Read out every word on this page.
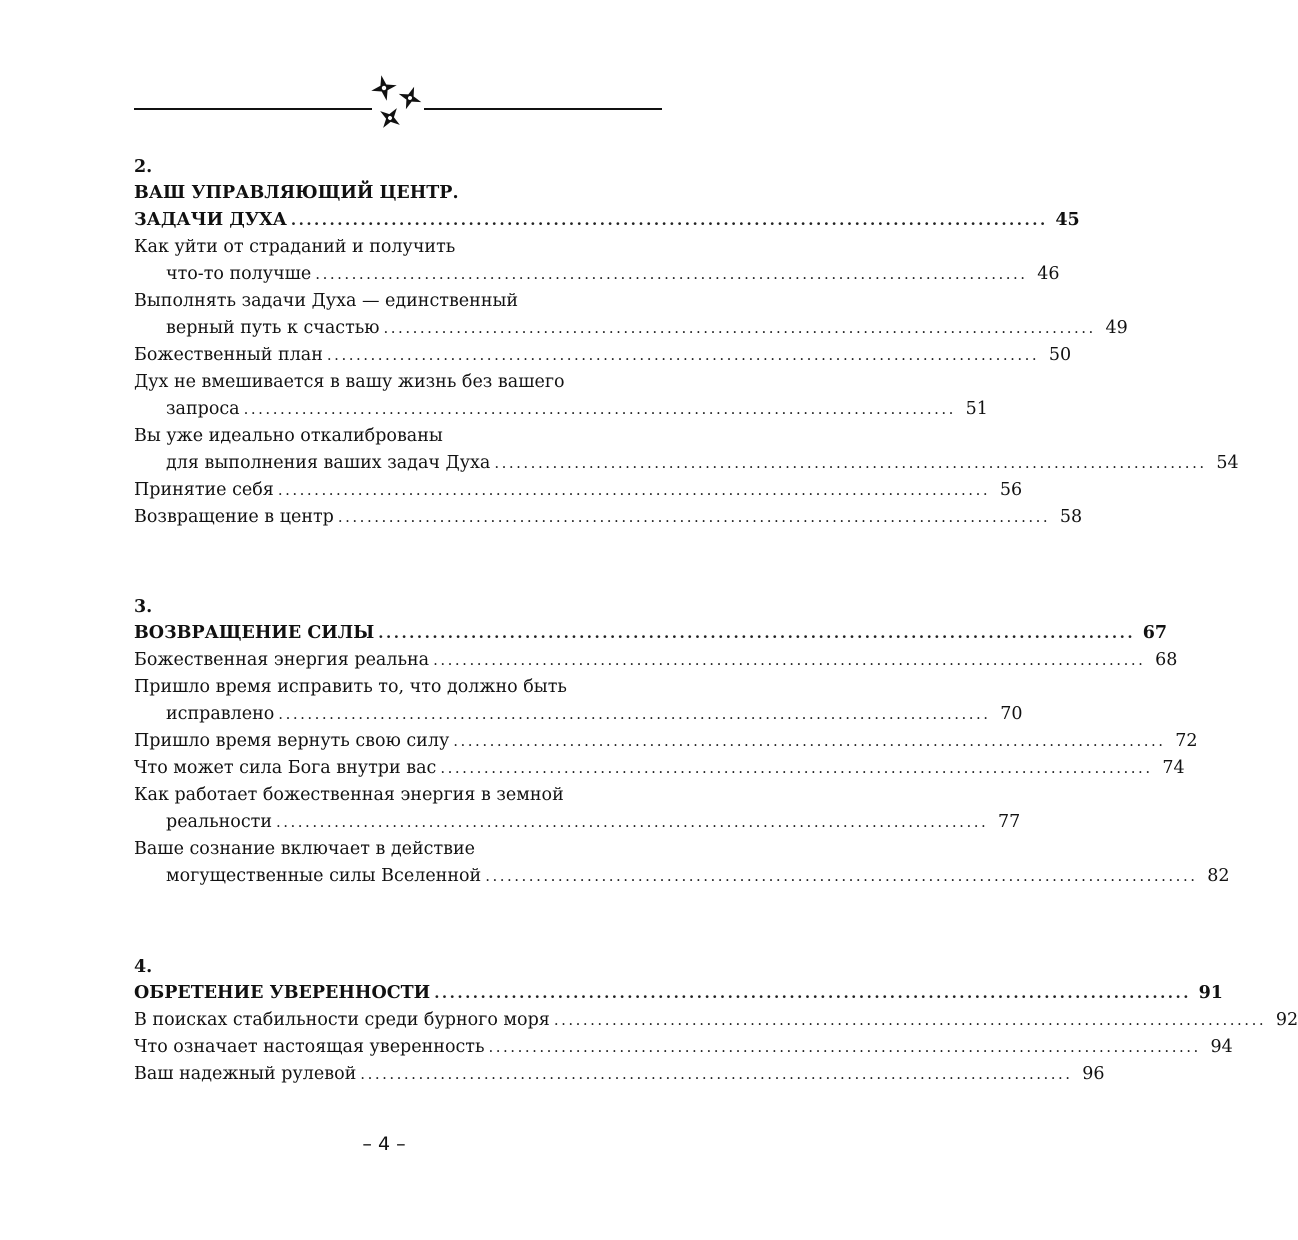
2.
ВАШ УПРАВЛЯЮЩИЙ ЦЕНТР.
ЗАДАЧИ ДУХА .................................................................................................. 45
Как уйти от страданий и получить
что-то получше .................................................................................................. 46
Выполнять задачи Духа — единственный
верный путь к счастью .................................................................................................. 49
Божественный план .................................................................................................. 50
Дух не вмешивается в вашу жизнь без вашего
запроса .................................................................................................. 51
Вы уже идеально откалиброваны
для выполнения ваших задач Духа .................................................................................................. 54
Принятие себя .................................................................................................. 56
Возвращение в центр .................................................................................................. 58
3.
ВОЗВРАЩЕНИЕ СИЛЫ .................................................................................................. 67
Божественная энергия реальна .................................................................................................. 68
Пришло время исправить то, что должно быть
исправлено .................................................................................................. 70
Пришло время вернуть свою силу .................................................................................................. 72
Что может сила Бога внутри вас .................................................................................................. 74
Как работает божественная энергия в земной
реальности .................................................................................................. 77
Ваше сознание включает в действие
могущественные силы Вселенной .................................................................................................. 82
4.
ОБРЕТЕНИЕ УВЕРЕННОСТИ .................................................................................................. 91
В поисках стабильности среди бурного моря .................................................................................................. 92
Что означает настоящая уверенность .................................................................................................. 94
Ваш надежный рулевой .................................................................................................. 96
– 4 –
